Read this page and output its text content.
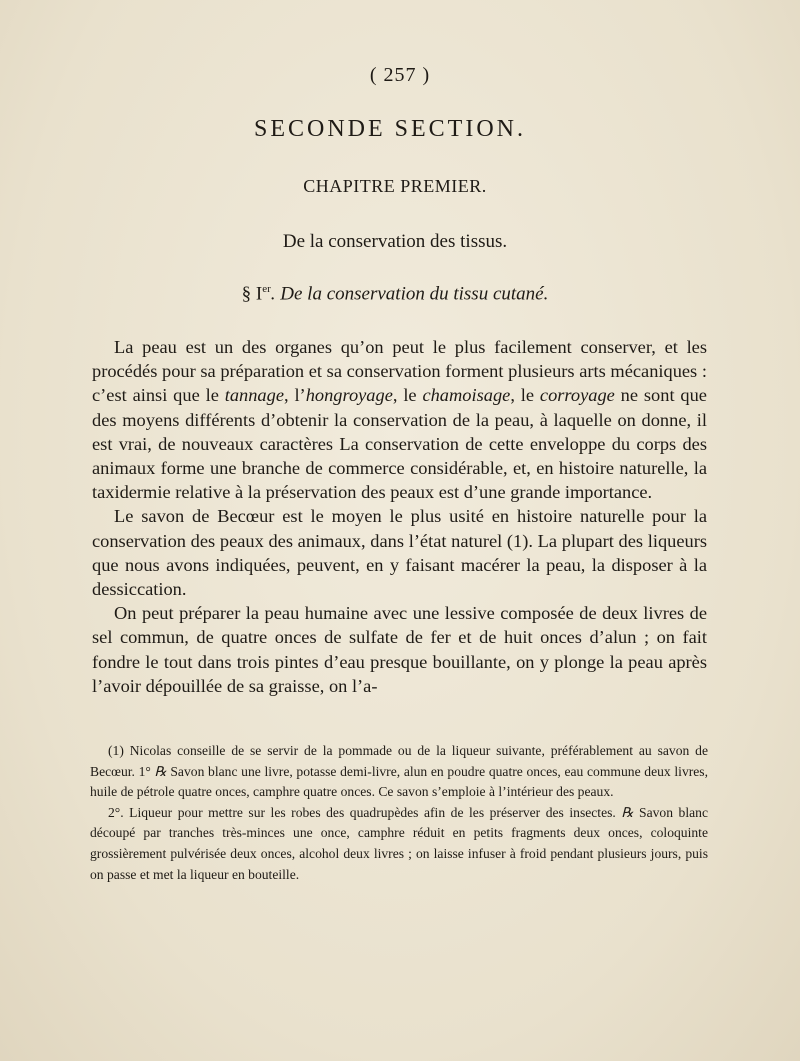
( 257 )
SECONDE SECTION.
CHAPITRE PREMIER.
De la conservation des tissus.
§ Ier. De la conservation du tissu cutané.

La peau est un des organes qu’on peut le plus facilement conserver, et les procédés pour sa préparation et sa conservation forment plusieurs arts mécaniques : c’est ainsi que le tannage, l’hongroyage, le chamoisage, le corroyage ne sont que des moyens différents d’obtenir la conservation de la peau, à laquelle on donne, il est vrai, de nouveaux caractères La conservation de cette enveloppe du corps des animaux forme une branche de commerce considérable, et, en histoire naturelle, la taxidermie relative à la préservation des peaux est d’une grande importance.

Le savon de Becœur est le moyen le plus usité en histoire naturelle pour la conservation des peaux des animaux, dans l’état naturel (1). La plupart des liqueurs que nous avons indiquées, peuvent, en y faisant macérer la peau, la disposer à la dessiccation.

On peut préparer la peau humaine avec une lessive composée de deux livres de sel commun, de quatre onces de sulfate de fer et de huit onces d’alun ; on fait fondre le tout dans trois pintes d’eau presque bouillante, on y plonge la peau après l’avoir dépouillée de sa graisse, on l’a-

(1) Nicolas conseille de se servir de la pommade ou de la liqueur suivante, préférablement au savon de Becœur. 1° ℞ Savon blanc une livre, potasse demi-livre, alun en poudre quatre onces, eau commune deux livres, huile de pétrole quatre onces, camphre quatre onces. Ce savon s’emploie à l’intérieur des peaux.

2°. Liqueur pour mettre sur les robes des quadrupèdes afin de les préserver des insectes. ℞ Savon blanc découpé par tranches très-minces une once, camphre réduit en petits fragments deux onces, coloquinte grossièrement pulvérisée deux onces, alcohol deux livres ; on laisse infuser à froid pendant plusieurs jours, puis on passe et met la liqueur en bouteille.
